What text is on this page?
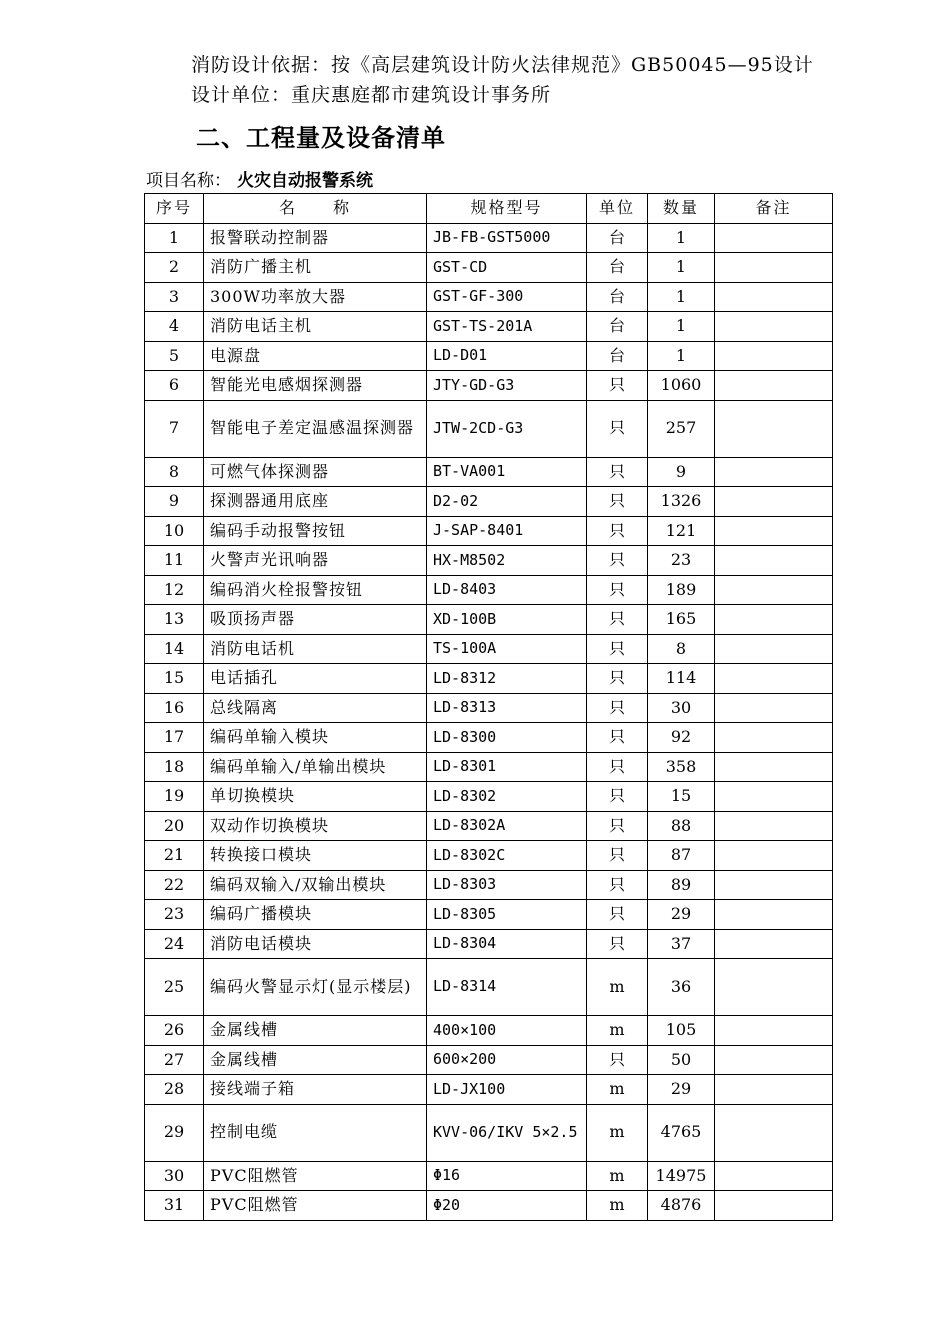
消防设计依据：按《高层建筑设计防火法律规范》GB50045—95设计
设计单位：重庆惠庭都市建筑设计事务所
二、工程量及设备清单
项目名称： 火灾自动报警系统
序号	名　　称	规格型号	单位	数量	备注
1	报警联动控制器	JB-FB-GST5000	台	1	
2	消防广播主机	GST-CD	台	1	
3	300W功率放大器	GST-GF-300	台	1	
4	消防电话主机	GST-TS-201A	台	1	
5	电源盘	LD-D01	台	1	
6	智能光电感烟探测器	JTY-GD-G3	只	1060	
7	智能电子差定温感温探测器	JTW-2CD-G3	只	257	
8	可燃气体探测器	BT-VA001	只	9	
9	探测器通用底座	D2-02	只	1326	
10	编码手动报警按钮	J-SAP-8401	只	121	
11	火警声光讯响器	HX-M8502	只	23	
12	编码消火栓报警按钮	LD-8403	只	189	
13	吸顶扬声器	XD-100B	只	165	
14	消防电话机	TS-100A	只	8	
15	电话插孔	LD-8312	只	114	
16	总线隔离	LD-8313	只	30	
17	编码单输入模块	LD-8300	只	92	
18	编码单输入/单输出模块	LD-8301	只	358	
19	单切换模块	LD-8302	只	15	
20	双动作切换模块	LD-8302A	只	88	
21	转换接口模块	LD-8302C	只	87	
22	编码双输入/双输出模块	LD-8303	只	89	
23	编码广播模块	LD-8305	只	29	
24	消防电话模块	LD-8304	只	37	
25	编码火警显示灯(显示楼层)	LD-8314	m	36	
26	金属线槽	400×100	m	105	
27	金属线槽	600×200	只	50	
28	接线端子箱	LD-JX100	m	29	
29	控制电缆	KVV-06/IKV 5×2.5	m	4765	
30	PVC阻燃管	Φ16	m	14975	
31	PVC阻燃管	Φ20	m	4876	
